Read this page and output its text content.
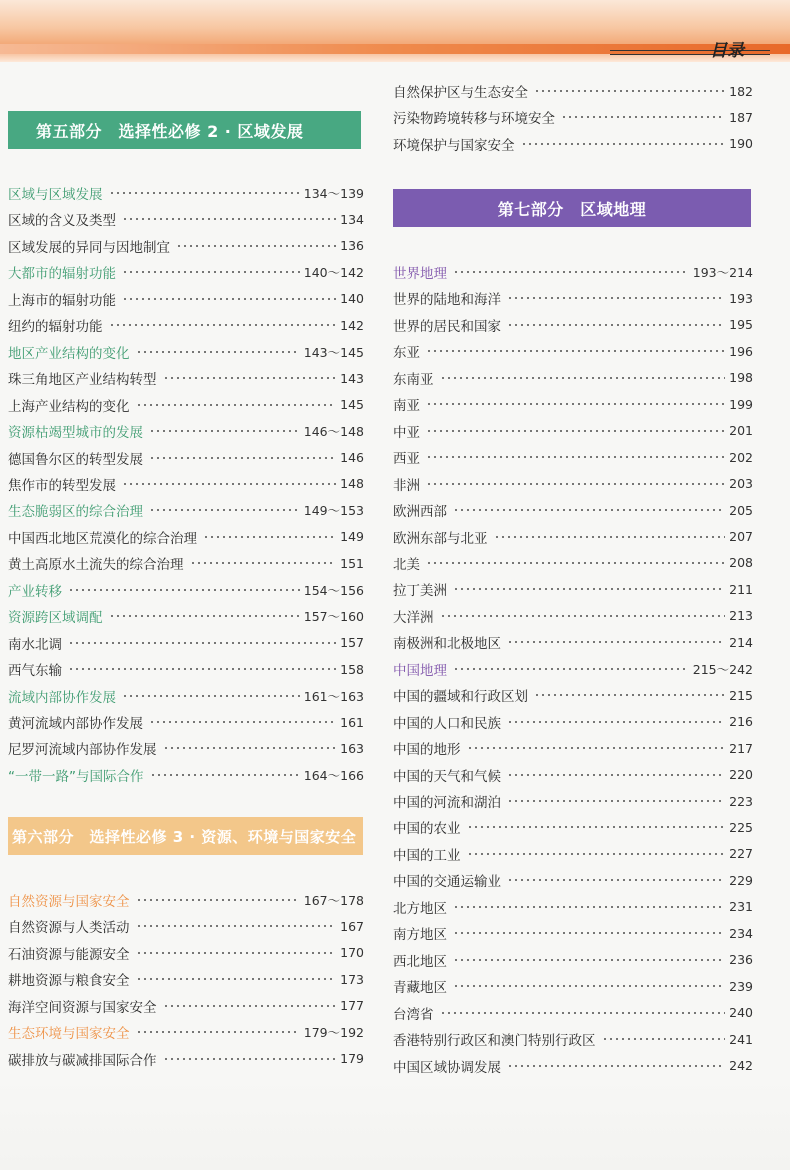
目录
第五部分　选择性必修 2 · 区域发展
第六部分　选择性必修 3 · 资源、环境与国家安全
第七部分　区域地理
区域与区域发展	134～139
区域的含义及类型	134
区域发展的异同与因地制宜	136
大都市的辐射功能	140～142
上海市的辐射功能	140
纽约的辐射功能	142
地区产业结构的变化	143～145
珠三角地区产业结构转型	143
上海产业结构的变化	145
资源枯竭型城市的发展	146～148
德国鲁尔区的转型发展	146
焦作市的转型发展	148
生态脆弱区的综合治理	149～153
中国西北地区荒漠化的综合治理	149
黄土高原水土流失的综合治理	151
产业转移	154～156
资源跨区域调配	157～160
南水北调	157
西气东输	158
流域内部协作发展	161～163
黄河流域内部协作发展	161
尼罗河流域内部协作发展	163
“一带一路”与国际合作	164～166
自然资源与国家安全	167～178
自然资源与人类活动	167
石油资源与能源安全	170
耕地资源与粮食安全	173
海洋空间资源与国家安全	177
生态环境与国家安全	179～192
碳排放与碳减排国际合作	179
自然保护区与生态安全	182
污染物跨境转移与环境安全	187
环境保护与国家安全	190
世界地理	193～214
世界的陆地和海洋	193
世界的居民和国家	195
东亚	196
东南亚	198
南亚	199
中亚	201
西亚	202
非洲	203
欧洲西部	205
欧洲东部与北亚	207
北美	208
拉丁美洲	211
大洋洲	213
南极洲和北极地区	214
中国地理	215～242
中国的疆域和行政区划	215
中国的人口和民族	216
中国的地形	217
中国的天气和气候	220
中国的河流和湖泊	223
中国的农业	225
中国的工业	227
中国的交通运输业	229
北方地区	231
南方地区	234
西北地区	236
青藏地区	239
台湾省	240
香港特别行政区和澳门特别行政区	241
中国区域协调发展	242
